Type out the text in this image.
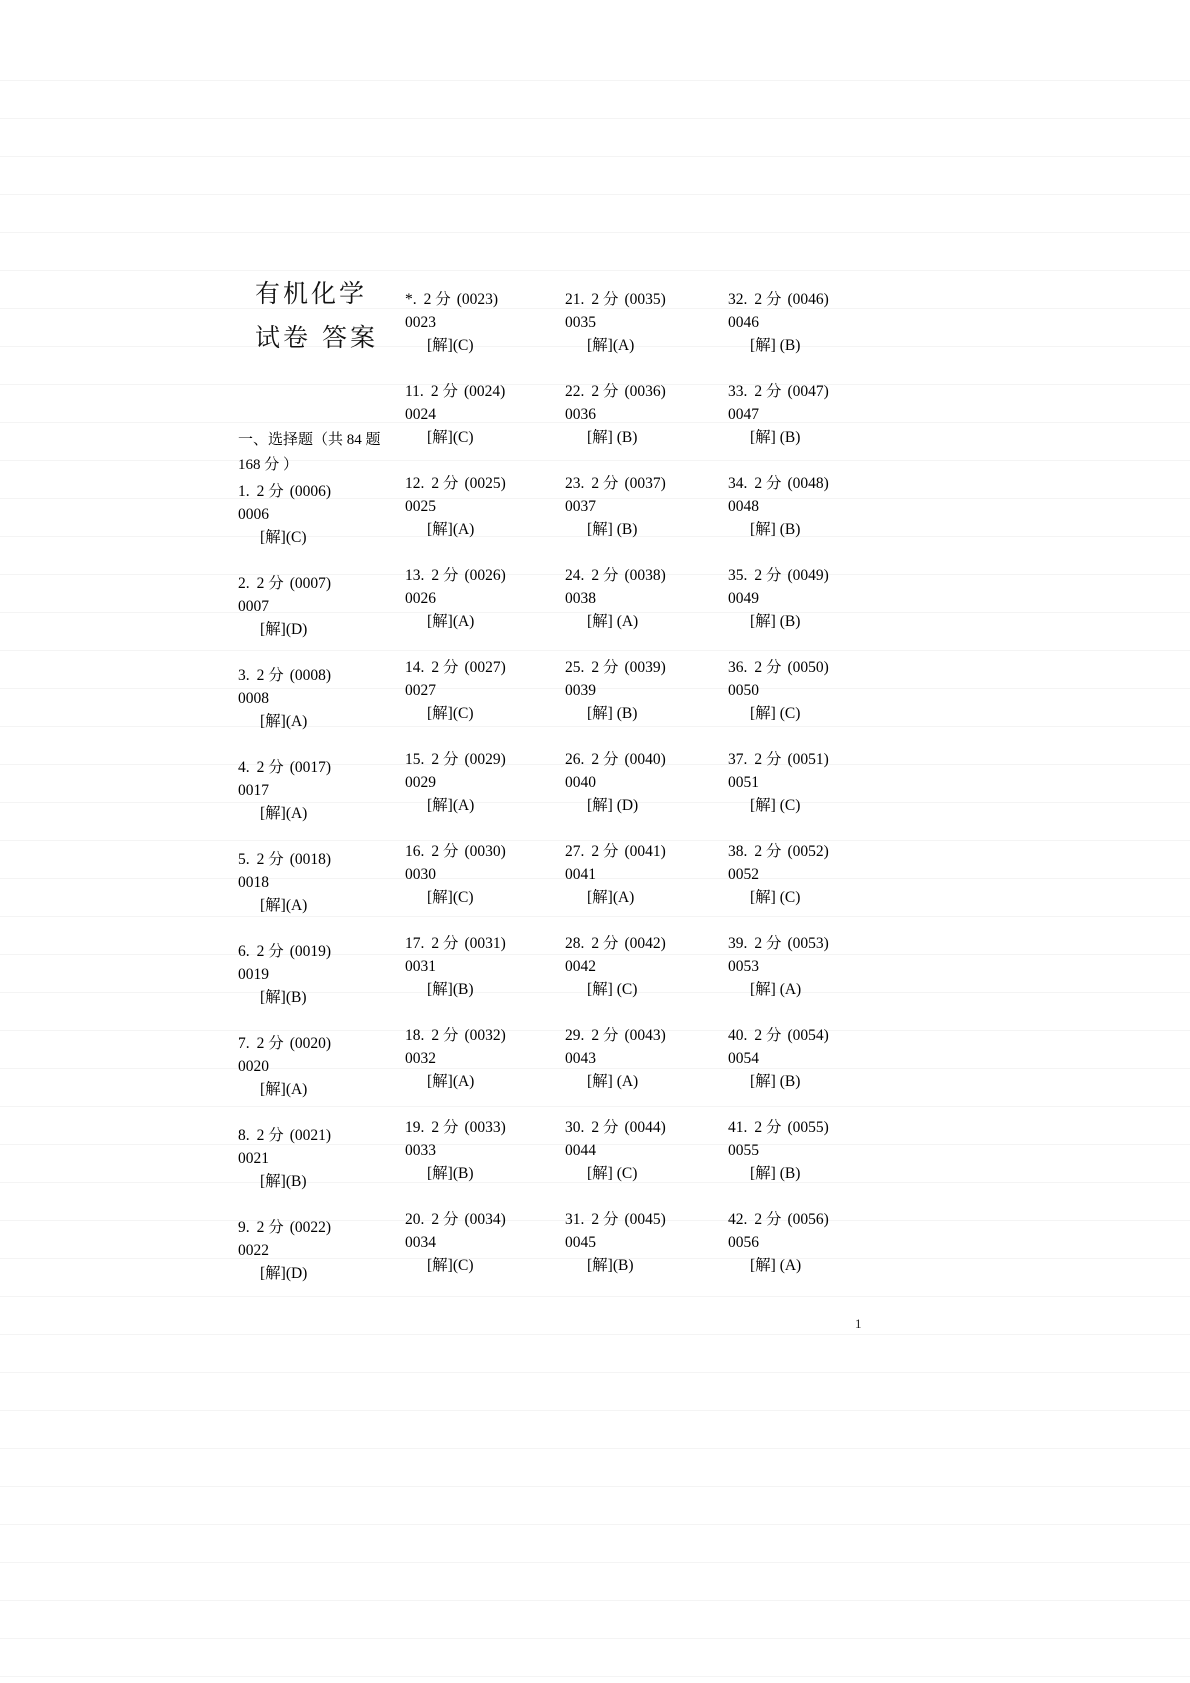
有机化学
试卷 答案
一、选择题（共 84 题 168 分 ）
1. 2 分 (0006)
0006
[解](C)
2. 2 分 (0007)
0007
[解](D)
3. 2 分 (0008)
0008
[解](A)
4. 2 分 (0017)
0017
[解](A)
5. 2 分 (0018)
0018
[解](A)
6. 2 分 (0019)
0019
[解](B)
7. 2 分 (0020)
0020
[解](A)
8. 2 分 (0021)
0021
[解](B)
9. 2 分 (0022)
0022
[解](D)
*. 2 分 (0023)
0023
[解](C)
11. 2 分 (0024)
0024
[解](C)
12. 2 分 (0025)
0025
[解](A)
13. 2 分 (0026)
0026
[解](A)
14. 2 分 (0027)
0027
[解](C)
15. 2 分 (0029)
0029
[解](A)
16. 2 分 (0030)
0030
[解](C)
17. 2 分 (0031)
0031
[解](B)
18. 2 分 (0032)
0032
[解](A)
19. 2 分 (0033)
0033
[解](B)
20. 2 分 (0034)
0034
[解](C)
21. 2 分 (0035)
0035
[解](A)
22. 2 分 (0036)
0036
[解] (B)
23. 2 分 (0037)
0037
[解] (B)
24. 2 分 (0038)
0038
[解] (A)
25. 2 分 (0039)
0039
[解] (B)
26. 2 分 (0040)
0040
[解] (D)
27. 2 分 (0041)
0041
[解](A)
28. 2 分 (0042)
0042
[解] (C)
29. 2 分 (0043)
0043
[解] (A)
30. 2 分 (0044)
0044
[解] (C)
31. 2 分 (0045)
0045
[解](B)
32. 2 分 (0046)
0046
[解] (B)
33. 2 分 (0047)
0047
[解] (B)
34. 2 分 (0048)
0048
[解] (B)
35. 2 分 (0049)
0049
[解] (B)
36. 2 分 (0050)
0050
[解] (C)
37. 2 分 (0051)
0051
[解] (C)
38. 2 分 (0052)
0052
[解] (C)
39. 2 分 (0053)
0053
[解] (A)
40. 2 分 (0054)
0054
[解] (B)
41. 2 分 (0055)
0055
[解] (B)
42. 2 分 (0056)
0056
[解] (A)
1
